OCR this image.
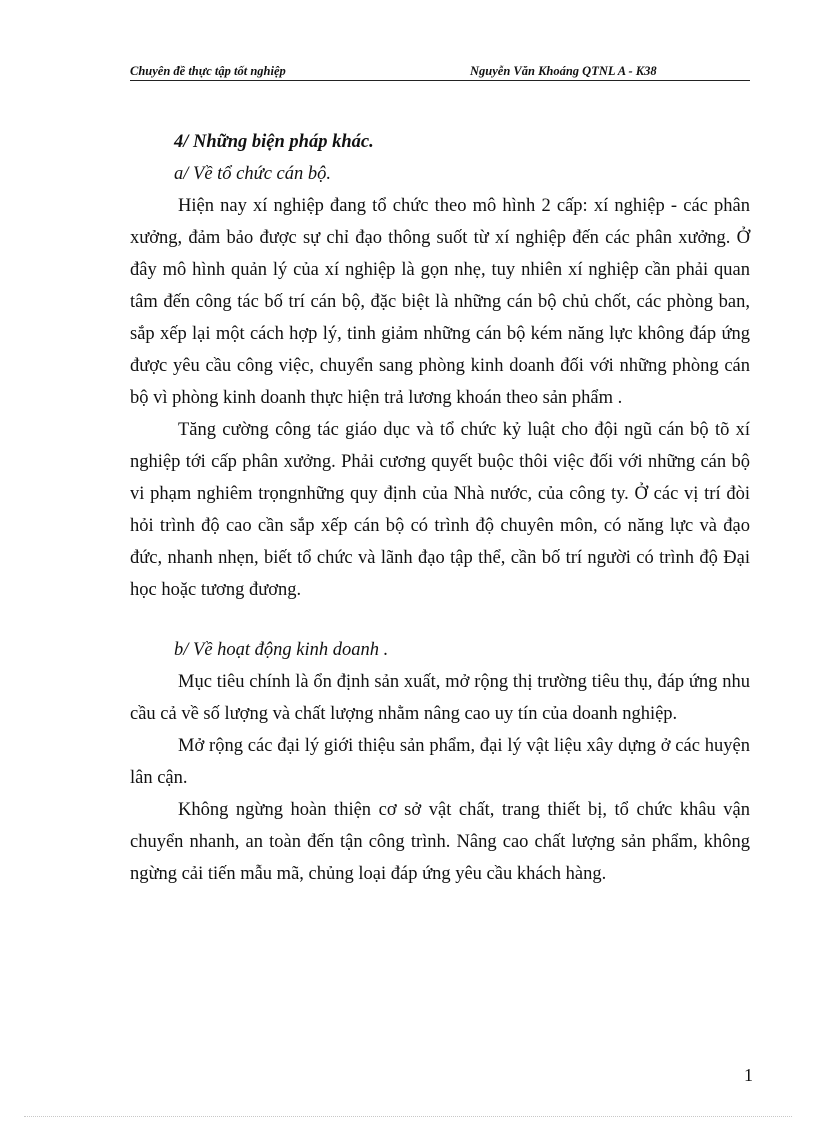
Chuyên đề thực tập tốt nghiệp	Nguyễn Văn Khoáng QTNL A - K38

4/ Những biện pháp khác.

a/ Về tổ chức cán bộ.

Hiện nay xí nghiệp đang tổ chức theo mô hình 2 cấp: xí nghiệp - các phân xưởng, đảm bảo được sự chỉ đạo thông suốt từ xí nghiệp đến các phân xưởng. Ở đây mô hình quản lý của xí nghiệp là gọn nhẹ, tuy nhiên xí nghiệp cần phải quan tâm đến công tác bố trí cán bộ, đặc biệt là những cán bộ chủ chốt, các phòng ban, sắp xếp lại một cách hợp lý, tinh giảm những cán bộ kém năng lực không đáp ứng được yêu cầu công việc, chuyển sang phòng kinh doanh đối với những phòng cán bộ vì phòng kinh doanh thực hiện trả lương khoán theo sản phẩm .

Tăng cường công tác giáo dục và tổ chức kỷ luật cho đội ngũ cán bộ tõ xí nghiệp tới cấp phân xưởng. Phải cương quyết buộc thôi việc đối với những cán bộ vi phạm nghiêm trọngnhững quy định của Nhà nước, của công ty. Ở các vị trí đòi hỏi trình độ cao cần sắp xếp cán bộ có trình độ chuyên môn, có năng lực và đạo đức, nhanh nhẹn, biết tổ chức và lãnh đạo tập thể, cần bố trí người có trình độ Đại học hoặc tương đương.

b/ Về hoạt động kinh doanh .

Mục tiêu chính là ổn định sản xuất, mở rộng thị trường tiêu thụ, đáp ứng nhu cầu cả về số lượng và chất lượng nhằm nâng cao uy tín của doanh nghiệp.

Mở rộng các đại lý giới thiệu sản phẩm, đại lý vật liệu xây dựng ở các huyện lân cận.

Không ngừng hoàn thiện cơ sở vật chất, trang thiết bị, tổ chức khâu vận chuyển nhanh, an toàn đến tận công trình. Nâng cao chất lượng sản phẩm, không ngừng cải tiến mẫu mã, chủng loại đáp ứng yêu cầu khách hàng.

1
